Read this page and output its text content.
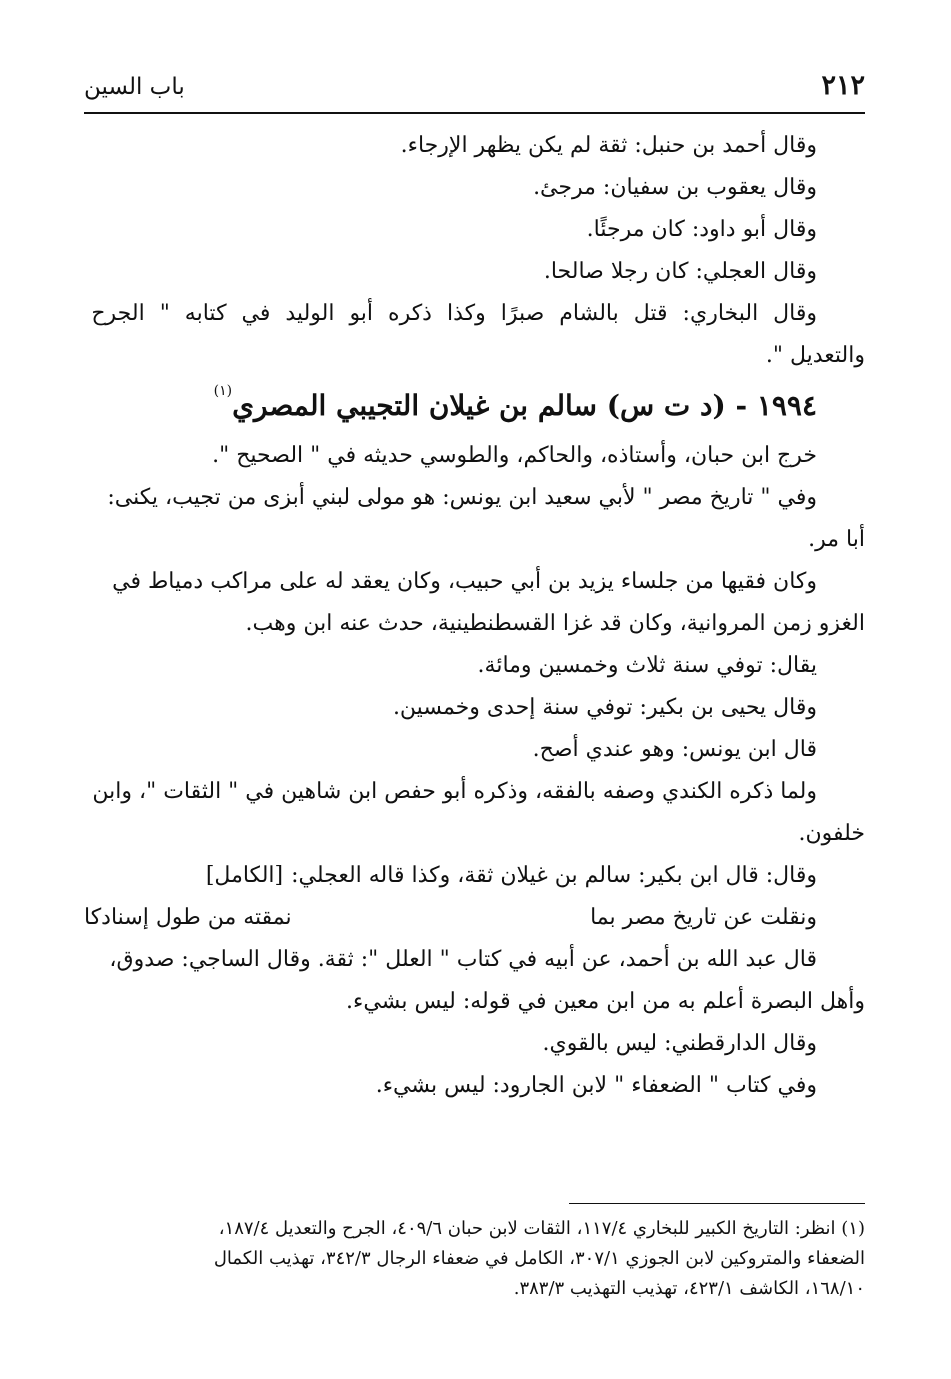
٢١٢
باب السين
وقال أحمد بن حنبل: ثقة لم يكن يظهر الإرجاء.
وقال يعقوب بن سفيان: مرجئ.
وقال أبو داود: كان مرجئًا.
وقال العجلي: كان رجلا صالحا.
وقال البخاري: قتل بالشام صبرًا وكذا ذكره أبو الوليد في كتابه " الجرح
والتعديل ".
١٩٩٤ - (د ت س) سالم بن غيلان التجيبي المصري$^{(١)}$
خرج ابن حبان، وأستاذه، والحاكم، والطوسي حديثه في " الصحيح ".
وفي " تاريخ مصر " لأبي سعيد ابن يونس: هو مولى لبني أبزى من تجيب، يكنى:
أبا مر.
وكان فقيها من جلساء يزيد بن أبي حبيب، وكان يعقد له على مراكب دمياط في
الغزو زمن المروانية، وكان قد غزا القسطنطينية، حدث عنه ابن وهب.
يقال: توفي سنة ثلاث وخمسين ومائة.
وقال يحيى بن بكير: توفي سنة إحدى وخمسين.
قال ابن يونس: وهو عندي أصح.
ولما ذكره الكندي وصفه بالفقه، وذكره أبو حفص ابن شاهين في " الثقات "، وابن
خلفون.
وقال: قال ابن بكير: سالم بن غيلان ثقة، وكذا قاله العجلي:[الكامل]
ونقلت عن تاريخ مصر بما
نمقته من طول إسنادكا
قال عبد الله بن أحمد، عن أبيه في كتاب " العلل ": ثقة. وقال الساجي: صدوق،
وأهل البصرة أعلم به من ابن معين في قوله: ليس بشيء.
وقال الدارقطني: ليس بالقوي.
وفي كتاب " الضعفاء " لابن الجارود: ليس بشيء.
(١) انظر: التاريخ الكبير للبخاري ١١٧/٤، الثقات لابن حبان ٤٠٩/٦، الجرح والتعديل ١٨٧/٤،
الضعفاء والمتروكين لابن الجوزي ٣٠٧/١، الكامل في ضعفاء الرجال ٣٤٢/٣، تهذيب الكمال
١٦٨/١٠، الكاشف ٤٢٣/١، تهذيب التهذيب ٣٨٣/٣.
